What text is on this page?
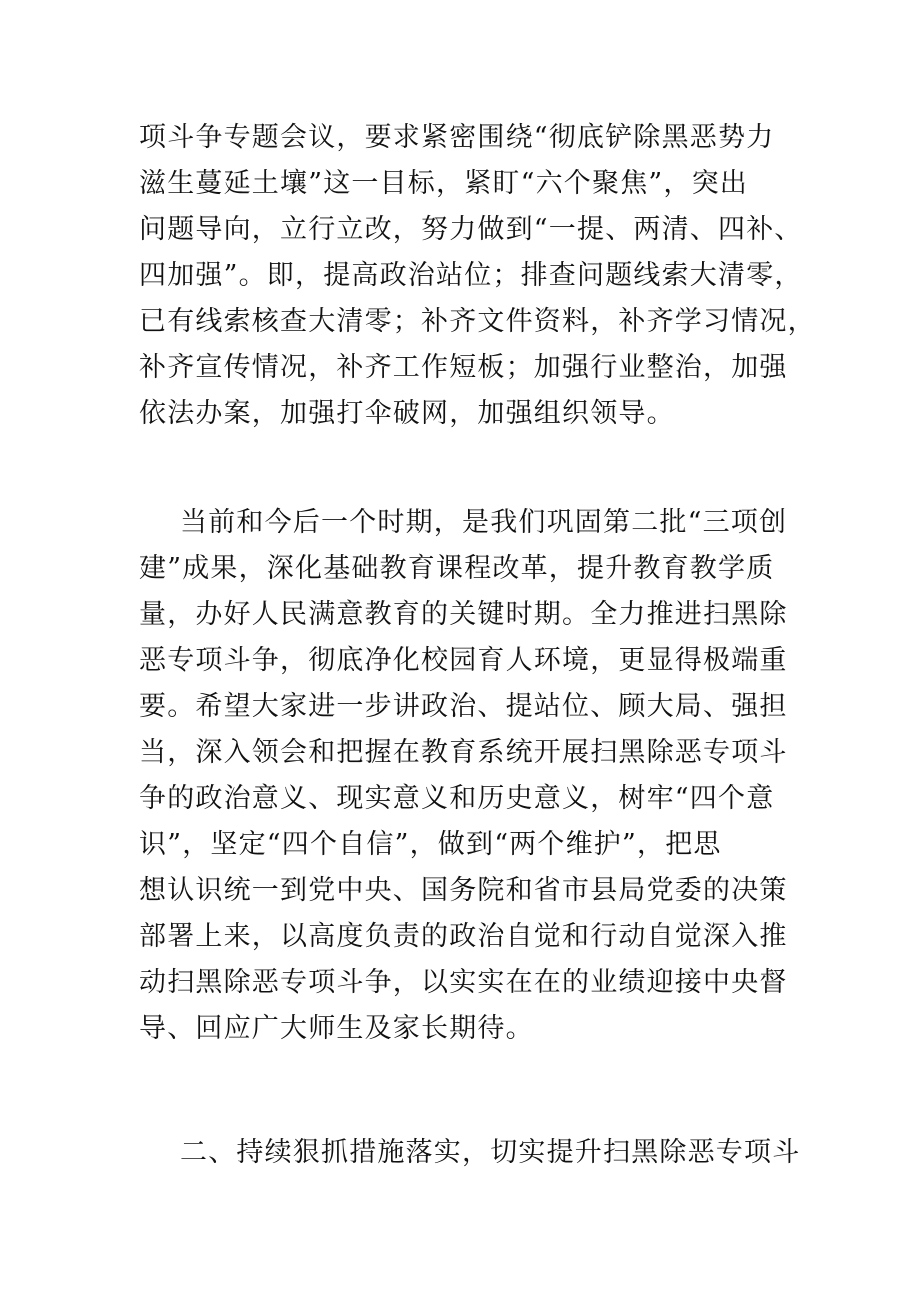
项斗争专题会议，要求紧密围绕“彻底铲除黑恶势力
滋生蔓延土壤”这一目标，紧盯“六个聚焦”，突出
问题导向，立行立改，努力做到“一提、两清、四补、
四加强”。即，提高政治站位；排查问题线索大清零，
已有线索核查大清零；补齐文件资料，补齐学习情况，
补齐宣传情况，补齐工作短板；加强行业整治，加强
依法办案，加强打伞破网，加强组织领导。
当前和今后一个时期，是我们巩固第二批“三项创
建”成果，深化基础教育课程改革，提升教育教学质
量，办好人民满意教育的关键时期。全力推进扫黑除
恶专项斗争，彻底净化校园育人环境，更显得极端重
要。希望大家进一步讲政治、提站位、顾大局、强担
当，深入领会和把握在教育系统开展扫黑除恶专项斗
争的政治意义、现实意义和历史意义，树牢“四个意
识”，坚定“四个自信”，做到“两个维护”，把思
想认识统一到党中央、国务院和省市县局党委的决策
部署上来，以高度负责的政治自觉和行动自觉深入推
动扫黑除恶专项斗争，以实实在在的业绩迎接中央督
导、回应广大师生及家长期待。
二、持续狠抓措施落实，切实提升扫黑除恶专项斗
